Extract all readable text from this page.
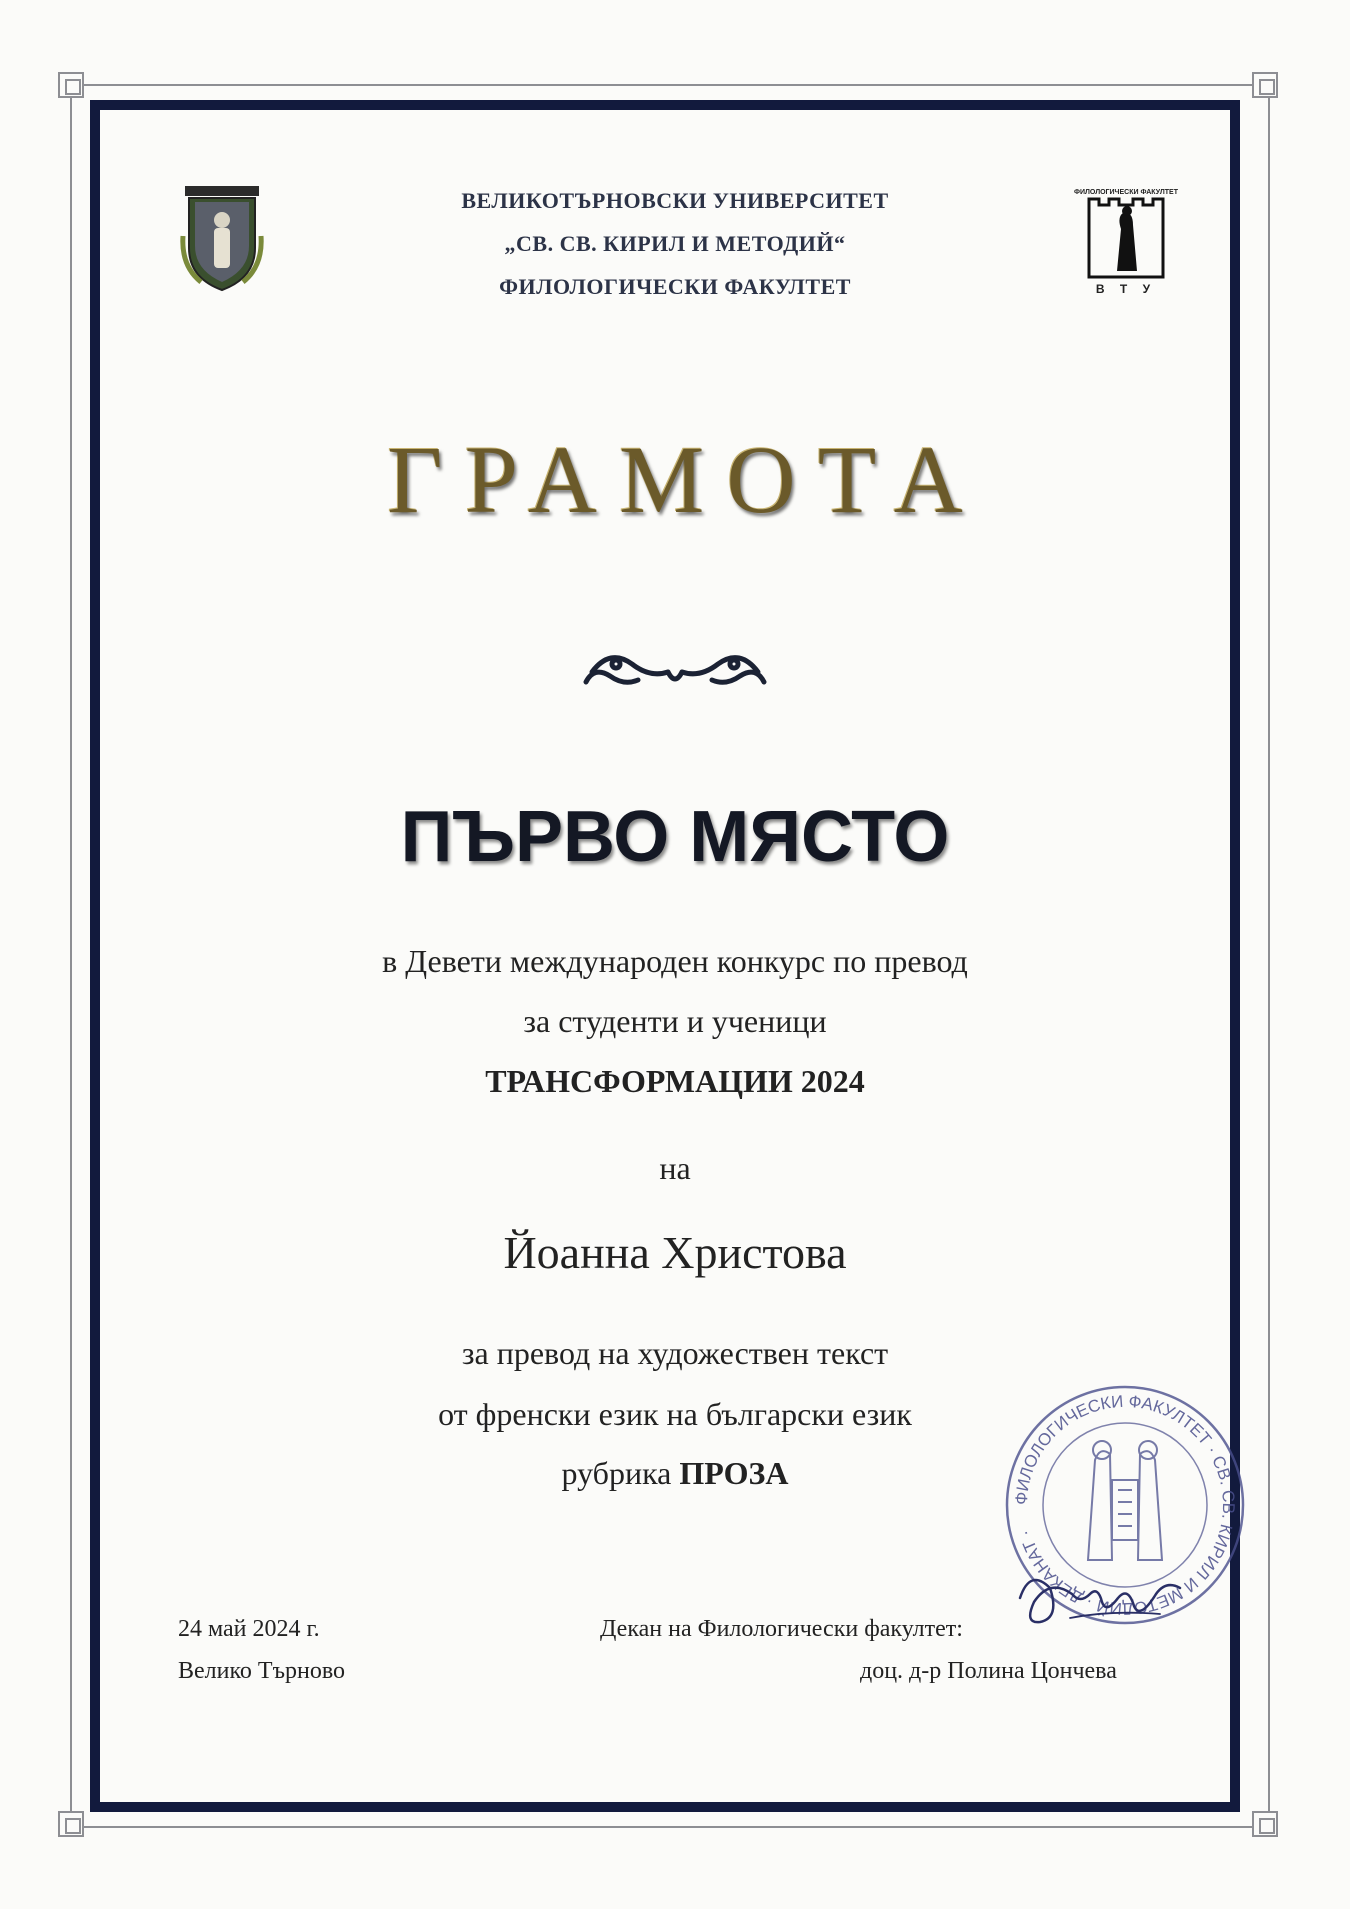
ВЕЛИКОТЪРНОВСКИ УНИВЕРСИТЕТ
„СВ. СВ. КИРИЛ И МЕТОДИЙ“
ФИЛОЛОГИЧЕСКИ ФАКУЛТЕТ
ФИЛОЛОГИЧЕСКИ ФАКУЛТЕТ
В Т У
ГРАМОТА
ПЪРВО МЯСТО
в Девети международен конкурс по превод
за студенти и ученици
ТРАНСФОРМАЦИИ 2024
на
Йоанна Христова
за превод на художествен текст
от френски език на български език
рубрика ПРОЗА
ФИЛОЛОГИЧЕСКИ ФАКУЛТЕТ · СВ. СВ. КИРИЛ И МЕТОДИЙ · ДЕКАНАТ ·
24 май 2024 г.
Велико Търново
Декан на Филологически факултет:
доц. д-р Полина Цончева
